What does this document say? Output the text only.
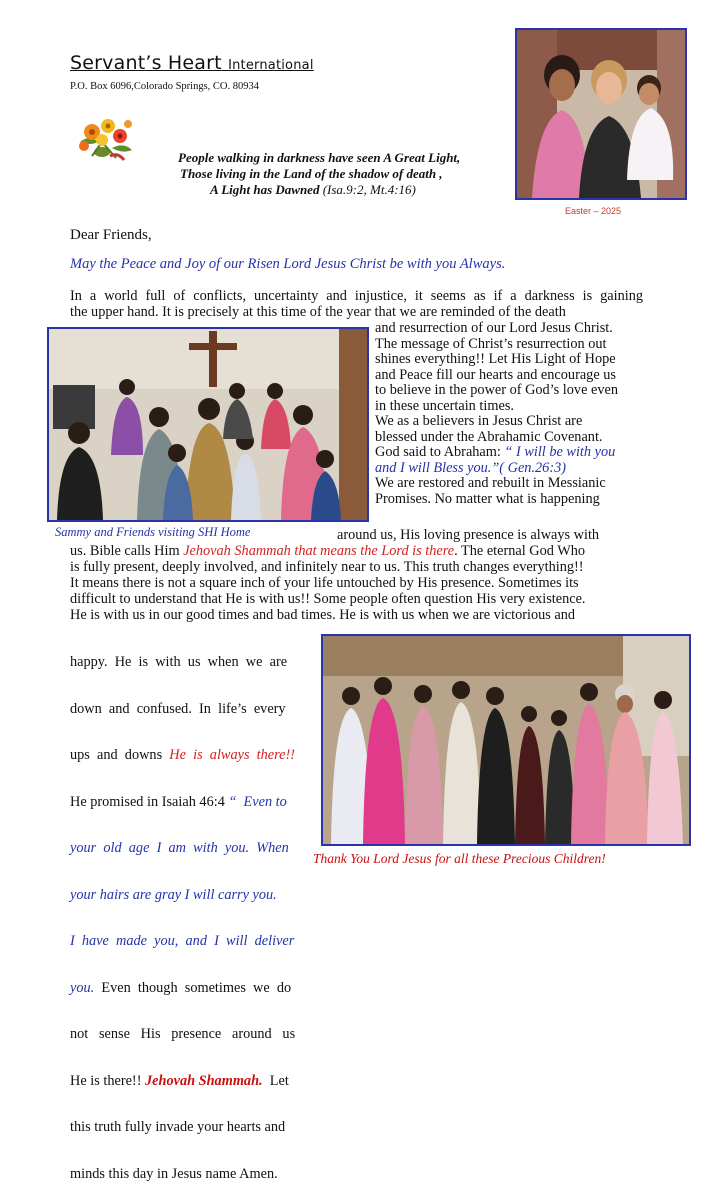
Servant’s Heart International
P.O. Box 6096,Colorado Springs, CO. 80934
People walking in darkness have seen A Great Light,
Those living in the Land of the shadow of death ,
A Light has Dawned (Isa.9:2, Mt.4:16)
Easter – 2025
Dear Friends,
May the Peace and Joy of our Risen Lord Jesus Christ be with you Always.
In a world full of conflicts, uncertainty and injustice, it seems as if a darkness is gaining
the upper hand. It is precisely at this time of the year that we are reminded of the death
and resurrection of our Lord Jesus Christ.
The message of Christ’s resurrection out
shines everything!! Let His Light of Hope
and Peace fill our hearts and encourage us
to believe in the power of God’s love even
in these uncertain times.
We as a believers in Jesus Christ are
blessed under the Abrahamic Covenant.
God said to Abraham: “ I will be with you
and I will Bless you.”( Gen.26:3)
We are restored and rebuilt in Messianic
Promises. No matter what is happening
Sammy and Friends visiting SHI Home	around us, His loving presence is always with
us. Bible calls Him Jehovah Shammah that means the Lord is there. The eternal God Who
is fully present, deeply involved, and infinitely near to us. This truth changes everything!!
It means there is not a square inch of your life untouched by His presence. Sometimes its
difficult to understand that He is with us!! Some people often question His very existence.
He is with us in our good times and bad times. He is with us when we are victorious and

happy.  He  is  with  us  when  we  are

down  and  confused.  In  life’s  every

ups  and  downs  He  is  always  there!!

He promised in Isaiah 46:4 “  Even to

your  old  age  I  am  with  you.  When

your hairs are gray I will carry you.

I  have  made  you,  and  I  will  deliver

you.  Even  though  sometimes  we  do

not   sense   His   presence   around   us

He is there!! Jehovah Shammah.  Let

this truth fully invade your hearts and

minds this day in Jesus name Amen.

Thank You Lord Jesus for all these Precious Children!
